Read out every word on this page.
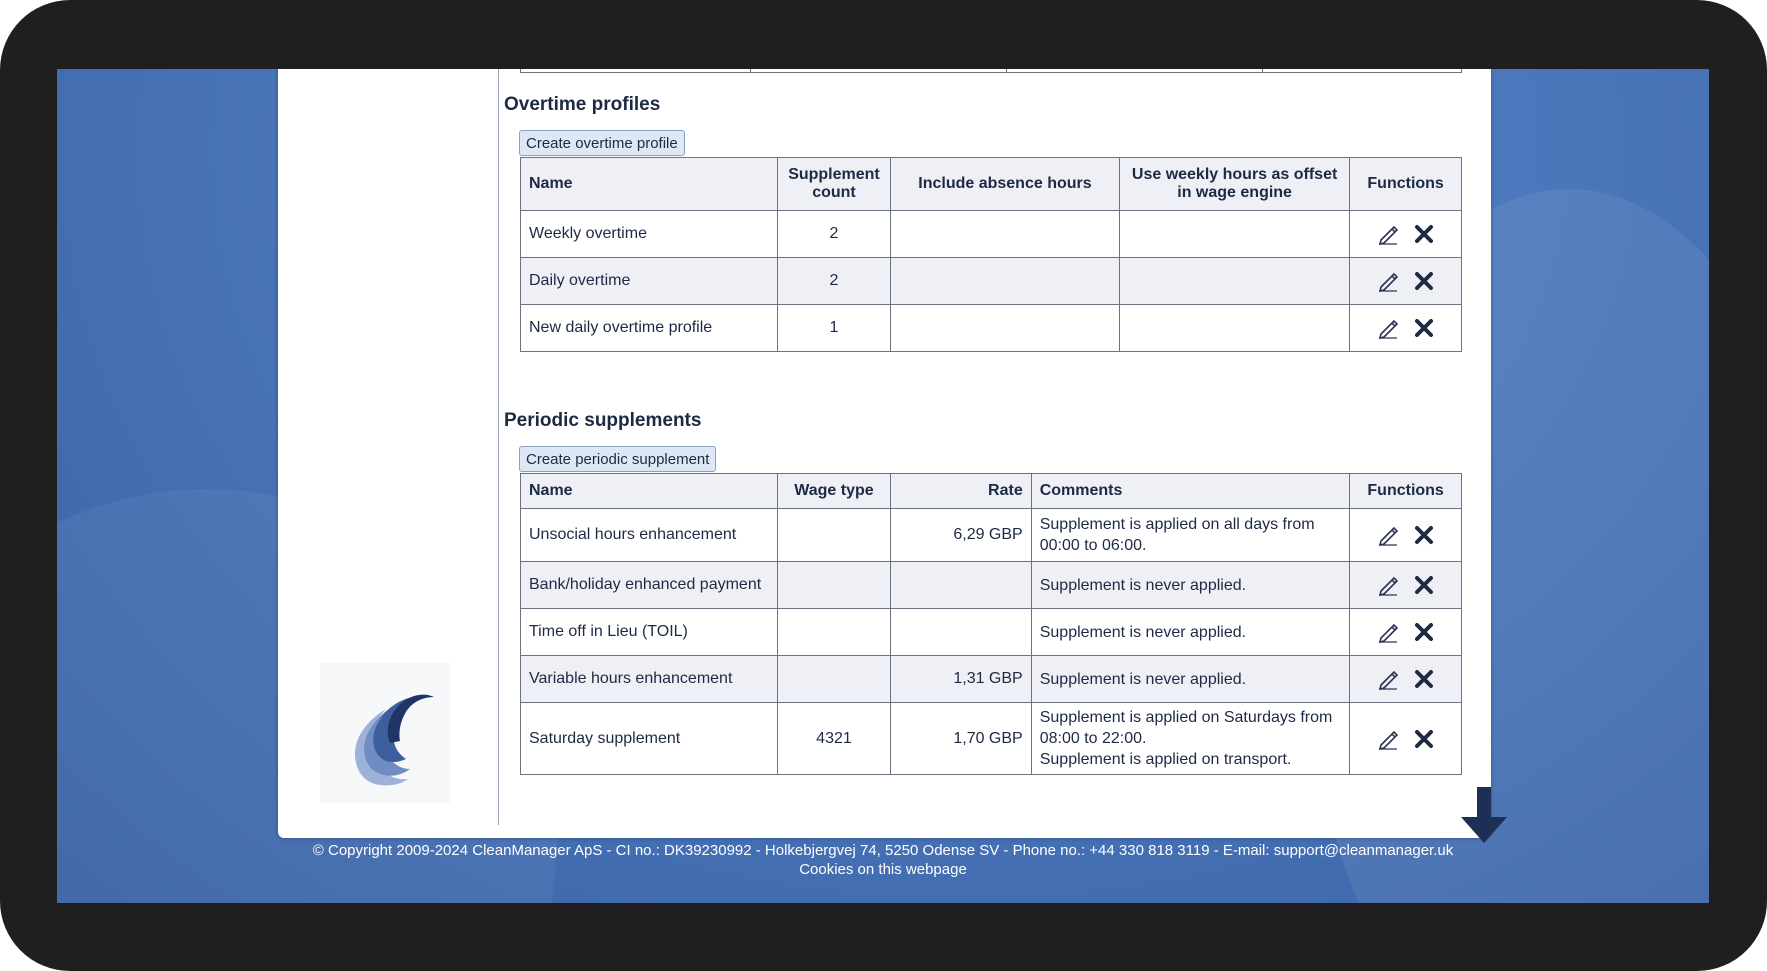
Overtime profiles
Create overtime profile
Name	Supplement count	Include absence hours	Use weekly hours as offset in wage engine	Functions
Weekly overtime	2			
Daily overtime	2			
New daily overtime profile	1			
Periodic supplements
Create periodic supplement
Name	Wage type	Rate	Comments	Functions
Unsocial hours enhancement		6,29 GBP	Supplement is applied on all days from
00:00 to 06:00.

Bank/holiday enhanced payment			Supplement is never applied.

Time off in Lieu (TOIL)			Supplement is never applied.

Variable hours enhancement		1,31 GBP	Supplement is never applied.

Saturday supplement	4321	1,70 GBP	Supplement is applied on Saturdays from
08:00 to 22:00.
Supplement is applied on transport.

© Copyright 2009-2024 CleanManager ApS - CI no.: DK39230992 - Holkebjergvej 74, 5250 Odense SV - Phone no.: +44 330 818 3119 - E-mail: support@cleanmanager.uk
Cookies on this webpage
